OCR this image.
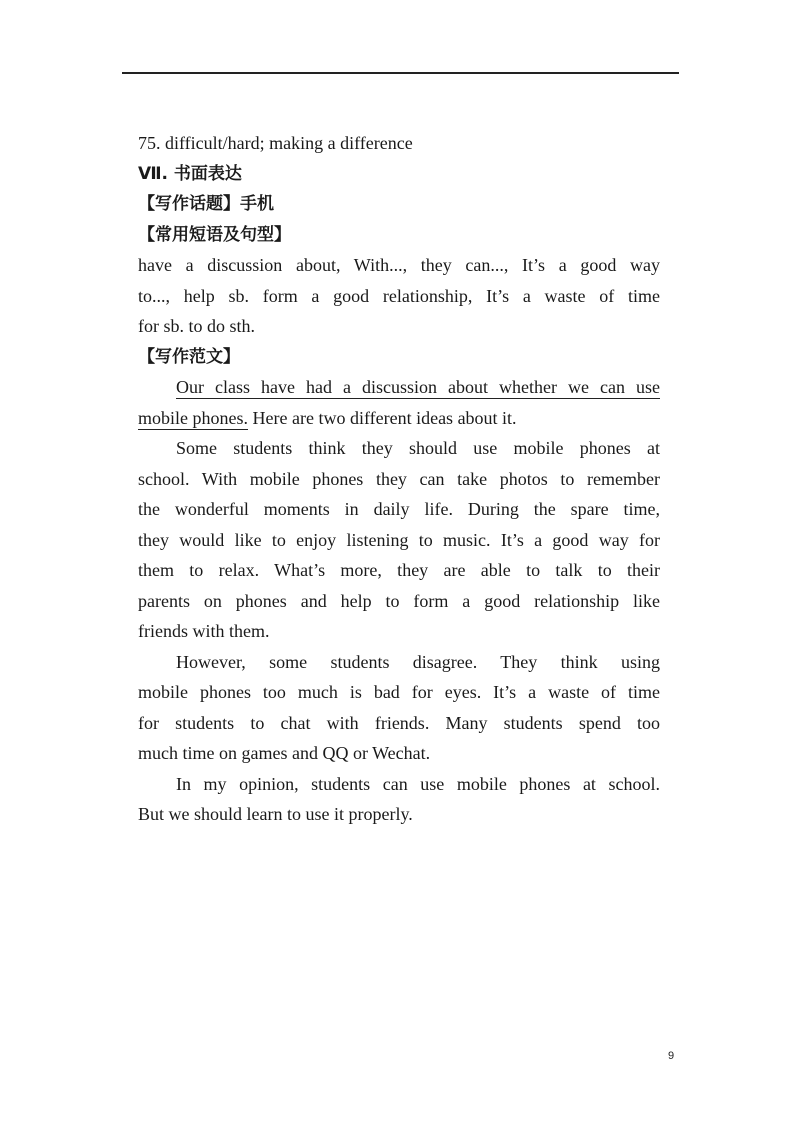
75. difficult/hard; making a difference
Ⅶ. 书面表达
【写作话题】手机
【常用短语及句型】
have a discussion about, With..., they can..., It’s a good way
to..., help sb. form a good relationship, It’s a waste of time
for sb. to do sth.
【写作范文】
Our class have had a discussion about whether we can use
mobile phones. Here are two different ideas about it.
Some students think they should use mobile phones at
school. With mobile phones they can take photos to remember
the wonderful moments in daily life. During the spare time,
they would like to enjoy listening to music. It’s a good way for
them to relax. What’s more, they are able to talk to their
parents on phones and help to form a good relationship like
friends with them.
However, some students disagree. They think using
mobile phones too much is bad for eyes. It’s a waste of time
for students to chat with friends. Many students spend too
much time on games and QQ or Wechat.
In my opinion, students can use mobile phones at school.
But we should learn to use it properly.
9
